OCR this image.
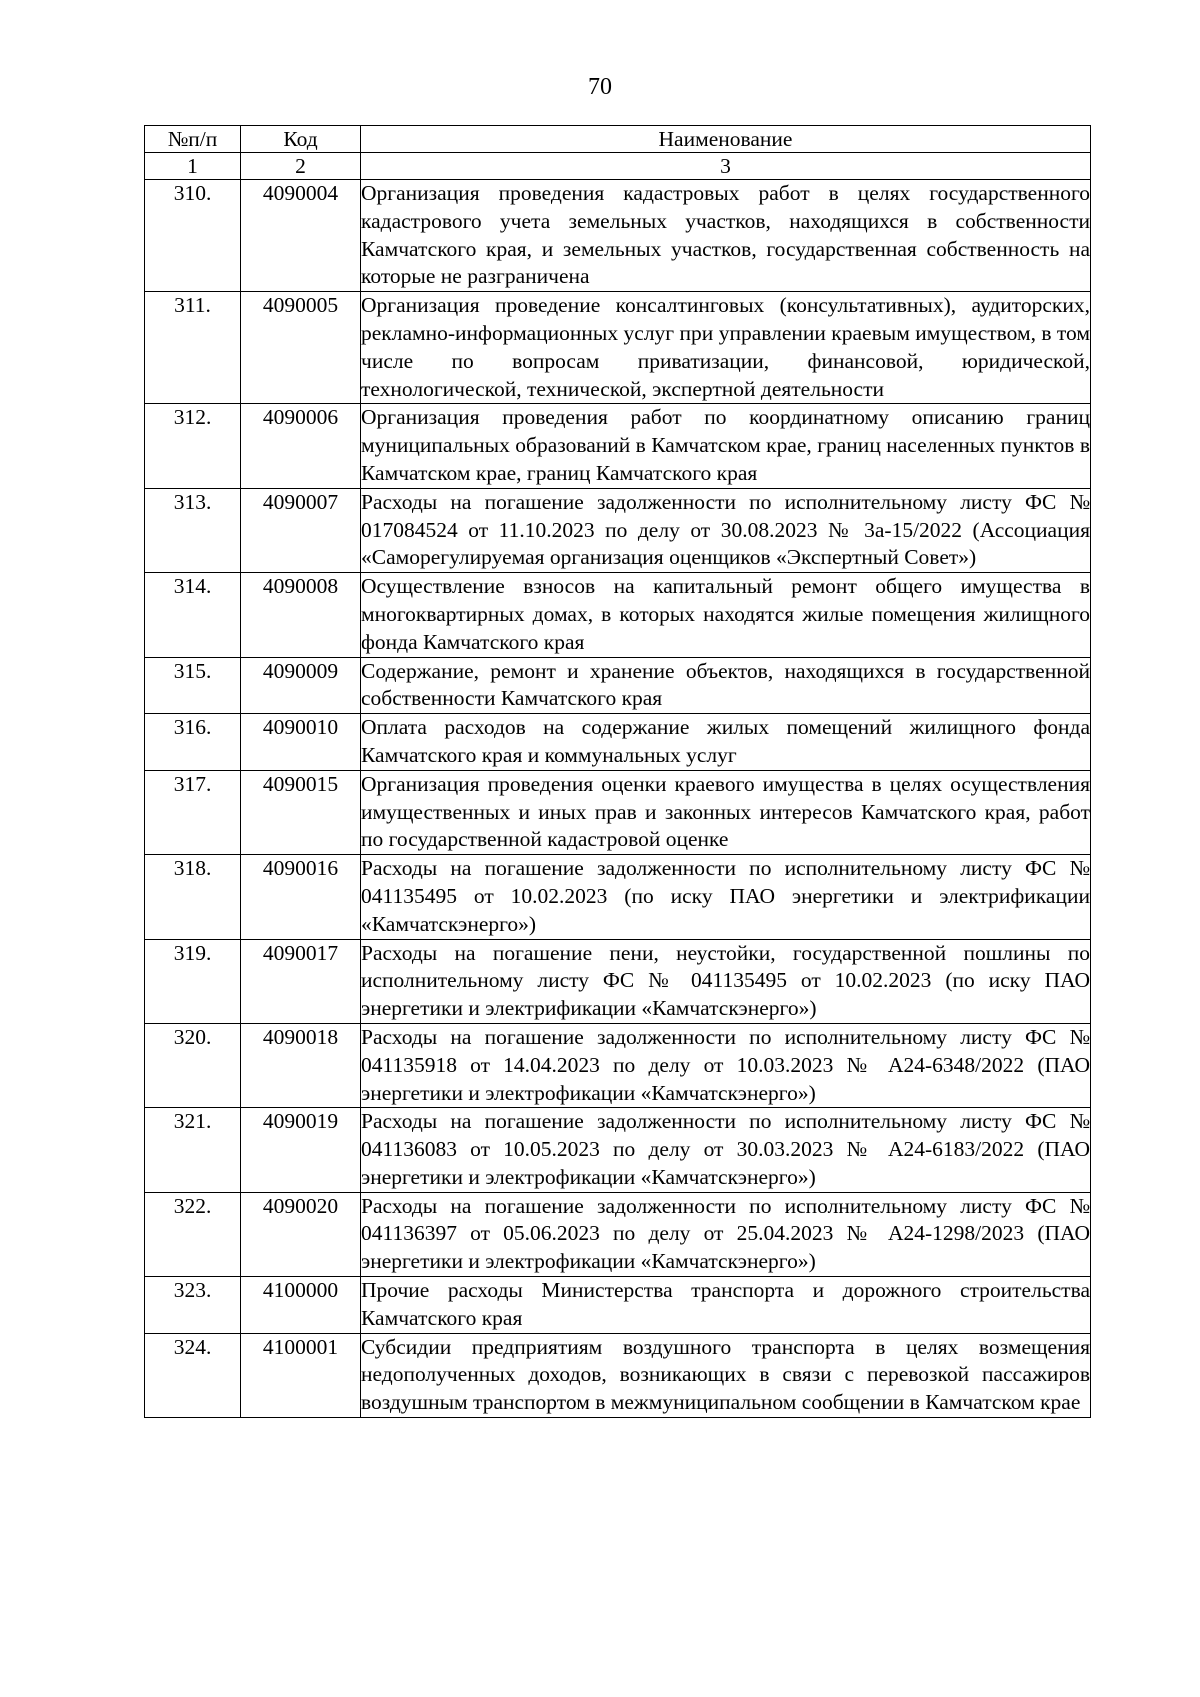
70
№п/п	Код	Наименование
1	2	3
310.	4090004	Организация проведения кадастровых работ в целях государственного кадастрового учета земельных участков, находящихся в собственности Камчатского края, и земельных участков, государственная собственность на которые не разграничена
311.	4090005	Организация проведение консалтинговых (консультативных), аудиторских, рекламно-информационных услуг при управлении краевым имуществом, в том числе по вопросам приватизации, финансовой, юридической, технологической, технической, экспертной деятельности
312.	4090006	Организация проведения работ по координатному описанию границ муниципальных образований в Камчатском крае, границ населенных пунктов в Камчатском крае, границ Камчатского края
313.	4090007	Расходы на погашение задолженности по исполнительному листу ФС № 017084524 от 11.10.2023 по делу от 30.08.2023 № 3а-15/2022 (Ассоциация «Саморегулируемая организация оценщиков «Экспертный Совет»)
314.	4090008	Осуществление взносов на капитальный ремонт общего имущества в многоквартирных домах, в которых находятся жилые помещения жилищного фонда Камчатского края
315.	4090009	Содержание, ремонт и хранение объектов, находящихся в государственной собственности Камчатского края
316.	4090010	Оплата расходов на содержание жилых помещений жилищного фонда Камчатского края и коммунальных услуг
317.	4090015	Организация проведения оценки краевого имущества в целях осуществления имущественных и иных прав и законных интересов Камчатского края, работ по государственной кадастровой оценке
318.	4090016	Расходы на погашение задолженности по исполнительному листу ФС № 041135495 от 10.02.2023 (по иску ПАО энергетики и электрификации «Камчатскэнерго»)
319.	4090017	Расходы на погашение пени, неустойки, государственной пошлины по исполнительному листу ФС № 041135495 от 10.02.2023 (по иску ПАО энергетики и электрификации «Камчатскэнерго»)
320.	4090018	Расходы на погашение задолженности по исполнительному листу ФС № 041135918 от 14.04.2023 по делу от 10.03.2023 № А24-6348/2022 (ПАО энергетики и электрофикации «Камчатскэнерго»)
321.	4090019	Расходы на погашение задолженности по исполнительному листу ФС № 041136083 от 10.05.2023 по делу от 30.03.2023 № А24-6183/2022 (ПАО энергетики и электрофикации «Камчатскэнерго»)
322.	4090020	Расходы на погашение задолженности по исполнительному листу ФС № 041136397 от 05.06.2023 по делу от 25.04.2023 № А24-1298/2023 (ПАО энергетики и электрофикации «Камчатскэнерго»)
323.	4100000	Прочие расходы Министерства транспорта и дорожного строительства Камчатского края
324.	4100001	Субсидии предприятиям воздушного транспорта в целях возмещения недополученных доходов, возникающих в связи с перевозкой пассажиров воздушным транспортом в межмуниципальном сообщении в Камчатском крае
